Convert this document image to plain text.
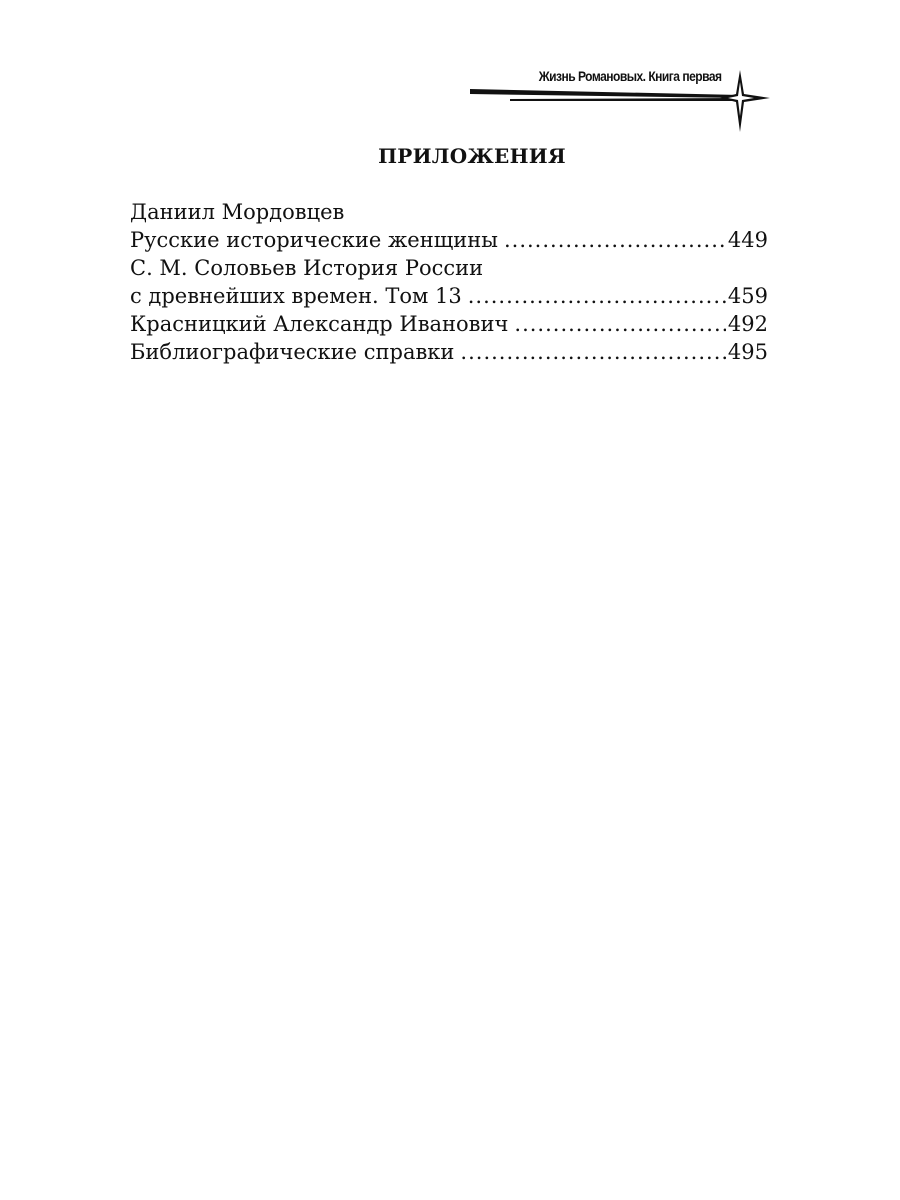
Жизнь Романовых. Книга первая
ПРИЛОЖЕНИЯ
Даниил Мордовцев
Русские исторические женщины .....	449
С. М. Соловьев История России
с древнейших времен. Том 13 .....	459
Красницкий Александр Иванович .....	492
Библиографические справки .....	495
